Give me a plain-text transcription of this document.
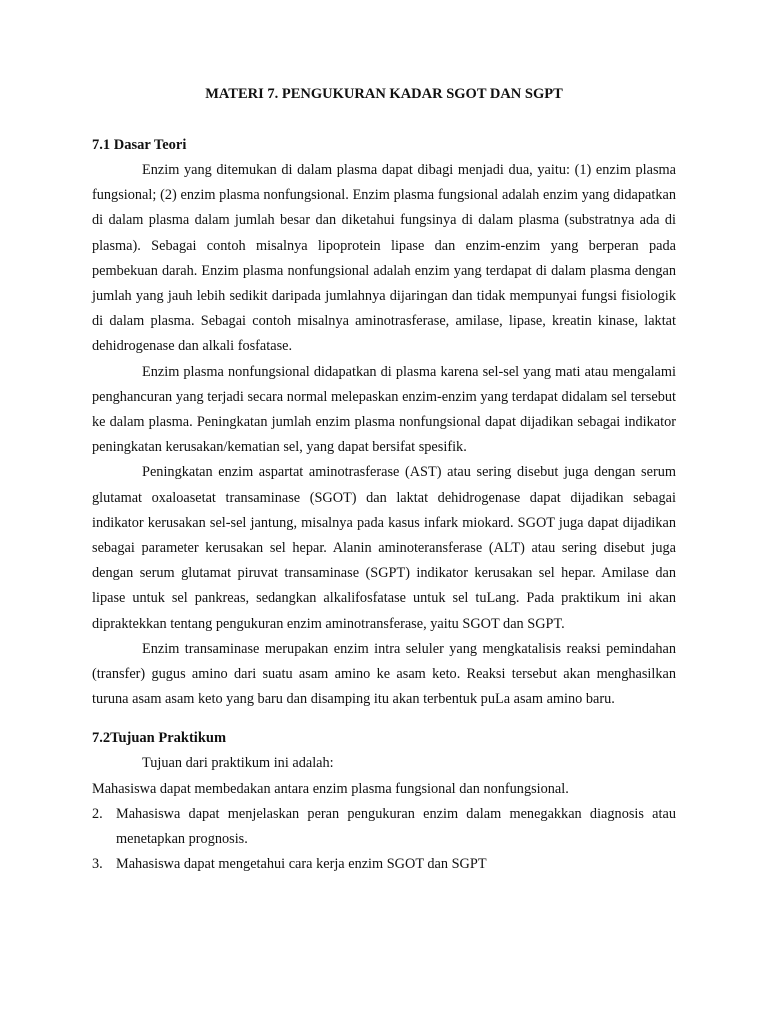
MATERI 7. PENGUKURAN KADAR SGOT DAN SGPT
7.1 Dasar Teori

Enzim yang ditemukan di dalam plasma dapat dibagi menjadi dua, yaitu: (1) enzim plasma fungsional; (2) enzim plasma nonfungsional. Enzim plasma fungsional adalah enzim yang didapatkan di dalam plasma dalam jumlah besar dan diketahui fungsinya di dalam plasma (substratnya ada di plasma). Sebagai contoh misalnya lipoprotein lipase dan enzim-enzim yang berperan pada pembekuan darah. Enzim plasma nonfungsional adalah enzim yang terdapat di dalam plasma dengan jumlah yang jauh lebih sedikit daripada jumlahnya dijaringan dan tidak mempunyai fungsi fisiologik di dalam plasma. Sebagai contoh misalnya aminotrasferase, amilase, lipase, kreatin kinase, laktat dehidrogenase dan alkali fosfatase.

Enzim plasma nonfungsional didapatkan di plasma karena sel-sel yang mati atau mengalami penghancuran yang terjadi secara normal melepaskan enzim-enzim yang terdapat didalam sel tersebut ke dalam plasma. Peningkatan jumlah enzim plasma nonfungsional dapat dijadikan sebagai indikator peningkatan kerusakan/kematian sel, yang dapat bersifat spesifik.

Peningkatan enzim aspartat aminotrasferase (AST) atau sering disebut juga dengan serum glutamat oxaloasetat transaminase (SGOT) dan laktat dehidrogenase dapat dijadikan sebagai indikator kerusakan sel-sel jantung, misalnya pada kasus infark miokard. SGOT juga dapat dijadikan sebagai parameter kerusakan sel hepar. Alanin aminoteransferase (ALT) atau sering disebut juga dengan serum glutamat piruvat transaminase (SGPT) indikator kerusakan sel hepar. Amilase dan lipase untuk sel pankreas, sedangkan alkalifosfatase untuk sel tuLang. Pada praktikum ini akan dipraktekkan tentang pengukuran enzim aminotransferase, yaitu SGOT dan SGPT.

Enzim transaminase merupakan enzim intra seluler yang mengkatalisis reaksi pemindahan (transfer) gugus amino dari suatu asam amino ke asam keto. Reaksi tersebut akan menghasilkan turuna asam asam keto yang baru dan disamping itu akan terbentuk puLa asam amino baru.

7.2Tujuan Praktikum

Tujuan dari praktikum ini adalah:

Mahasiswa dapat membedakan antara enzim plasma fungsional dan nonfungsional.

2. Mahasiswa dapat menjelaskan peran pengukuran enzim dalam menegakkan diagnosis atau menetapkan prognosis.
3. Mahasiswa dapat mengetahui cara kerja enzim SGOT dan SGPT
